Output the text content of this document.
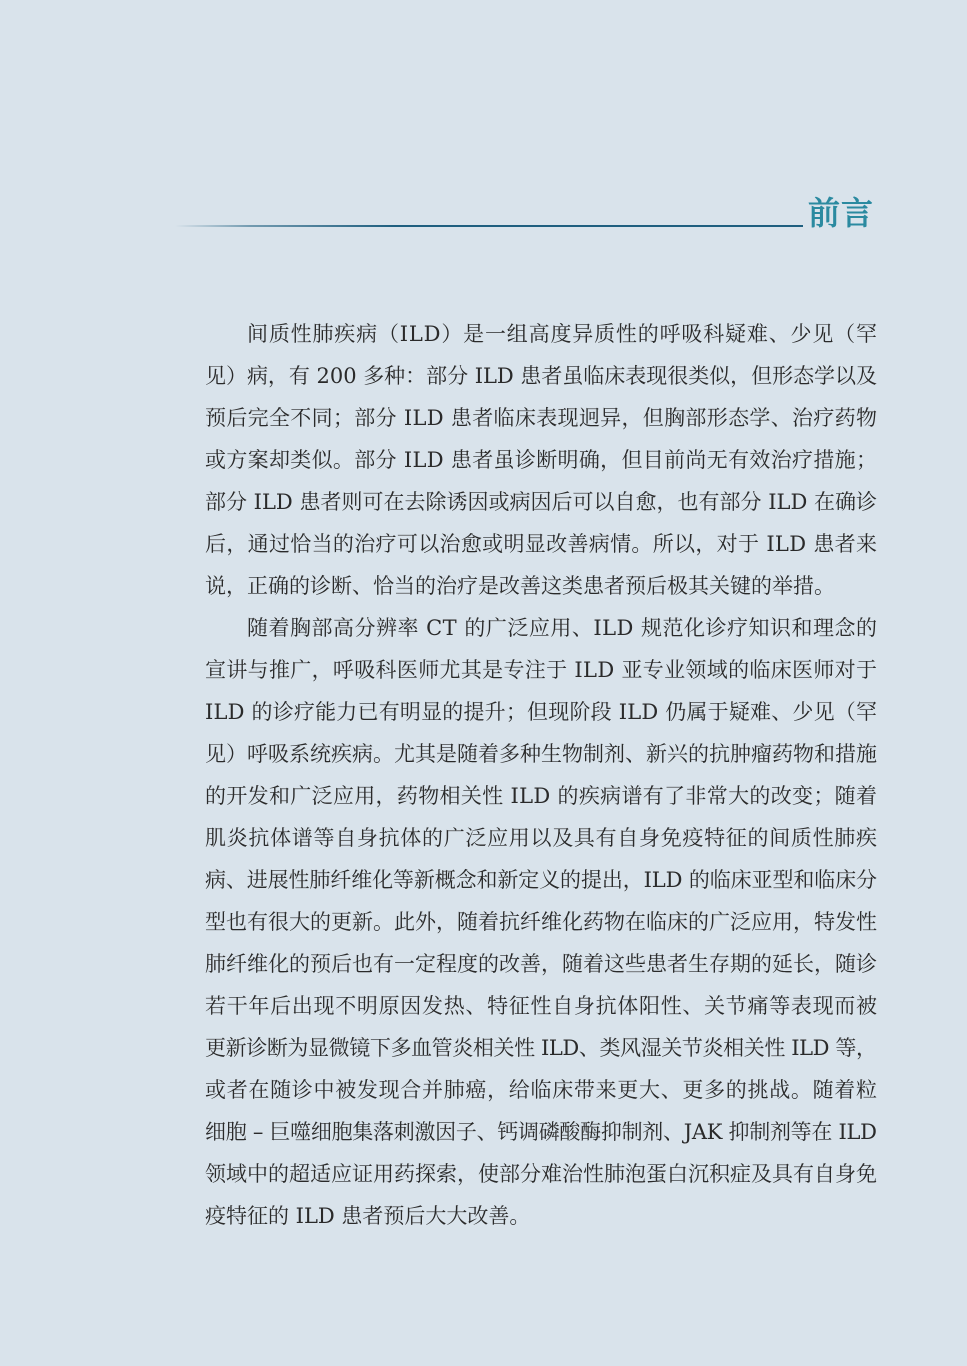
前言
间质性肺疾病（ILD）是一组高度异质性的呼吸科疑难、少见（罕
见）病，有 200 多种：部分 ILD 患者虽临床表现很类似，但形态学以及
预后完全不同；部分 ILD 患者临床表现迥异，但胸部形态学、治疗药物
或方案却类似。部分 ILD 患者虽诊断明确，但目前尚无有效治疗措施；
部分 ILD 患者则可在去除诱因或病因后可以自愈，也有部分 ILD 在确诊
后，通过恰当的治疗可以治愈或明显改善病情。所以，对于 ILD 患者来
说，正确的诊断、恰当的治疗是改善这类患者预后极其关键的举措。
随着胸部高分辨率 CT 的广泛应用、ILD 规范化诊疗知识和理念的
宣讲与推广，呼吸科医师尤其是专注于 ILD 亚专业领域的临床医师对于
ILD 的诊疗能力已有明显的提升；但现阶段 ILD 仍属于疑难、少见（罕
见）呼吸系统疾病。尤其是随着多种生物制剂、新兴的抗肿瘤药物和措施
的开发和广泛应用，药物相关性 ILD 的疾病谱有了非常大的改变；随着
肌炎抗体谱等自身抗体的广泛应用以及具有自身免疫特征的间质性肺疾
病、进展性肺纤维化等新概念和新定义的提出，ILD 的临床亚型和临床分
型也有很大的更新。此外，随着抗纤维化药物在临床的广泛应用，特发性
肺纤维化的预后也有一定程度的改善，随着这些患者生存期的延长，随诊
若干年后出现不明原因发热、特征性自身抗体阳性、关节痛等表现而被
更新诊断为显微镜下多血管炎相关性 ILD、类风湿关节炎相关性 ILD 等，
或者在随诊中被发现合并肺癌，给临床带来更大、更多的挑战。随着粒
细胞 – 巨噬细胞集落刺激因子、钙调磷酸酶抑制剂、JAK 抑制剂等在 ILD
领域中的超适应证用药探索，使部分难治性肺泡蛋白沉积症及具有自身免
疫特征的 ILD 患者预后大大改善。
